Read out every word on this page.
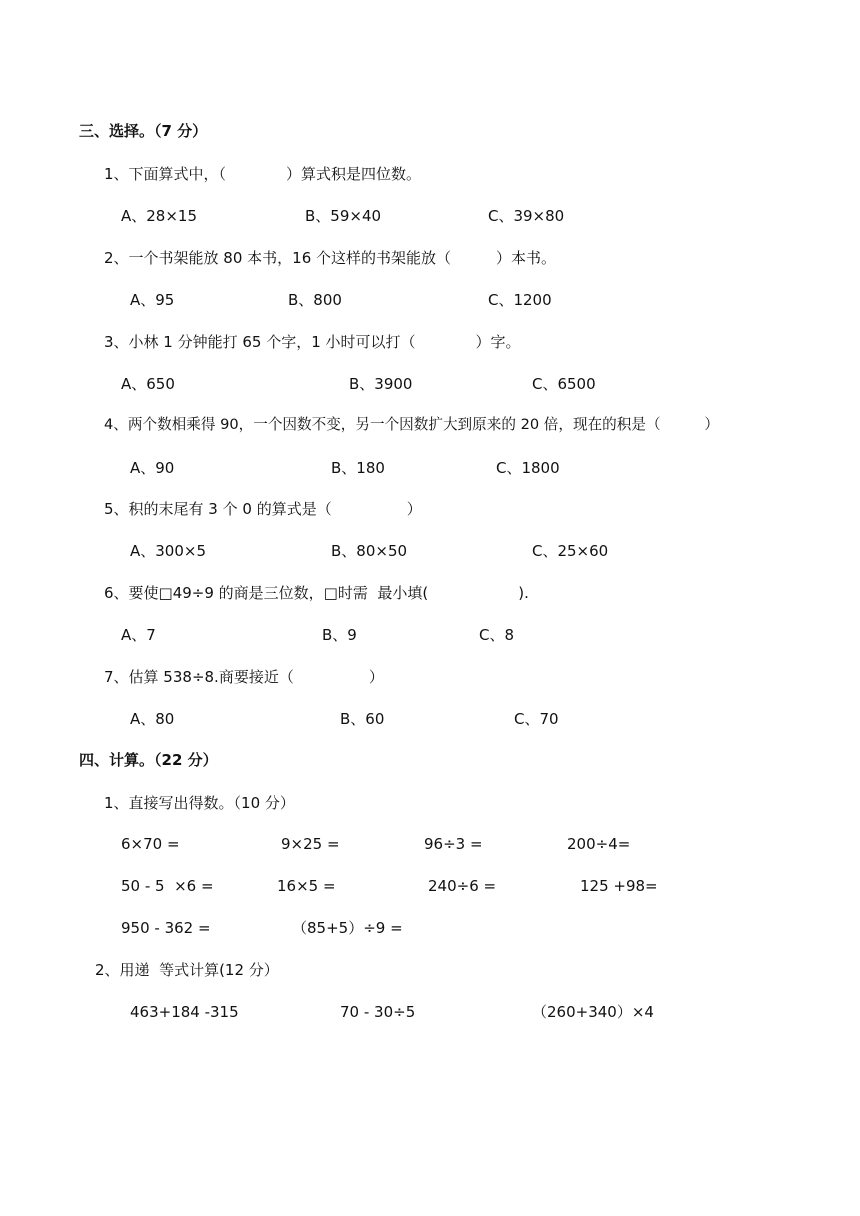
三、选择。（7 分）
1、下面算式中，（　　　　）算式积是四位数。
A、28×15	B、59×40	C、39×80
2、一个书架能放 80 本书，16 个这样的书架能放（　　　）本书。
A、95	B、800	C、1200
3、小林 1 分钟能打 65 个字，1 小时可以打（　　　　）字。
A、650	B、3900	C、6500
4、两个数相乘得 90，一个因数不变，另一个因数扩大到原来的 20 倍，现在的积是（　　　）
A、90	B、180	C、1800
5、积的末尾有 3 个 0 的算式是（　　　　　）
A、300×5	B、80×50	C、25×60
6、要使□49÷9 的商是三位数，□时需  最小填(　　　　　　).
A、7	B、9	C、8
7、估算 538÷8.商要接近（　　　　　）
A、80	B、60	C、70
四、计算。（22 分）
1、直接写出得数。（10 分）
6×70 =	9×25 =	96÷3 =	200÷4=
50 - 5  ×6 =	16×5 =	240÷6 =	125 +98=
950 - 362 =	（85+5）÷9 =
2、用递  等式计算(12 分）
463+184 -315	70 - 30÷5	（260+340）×4
